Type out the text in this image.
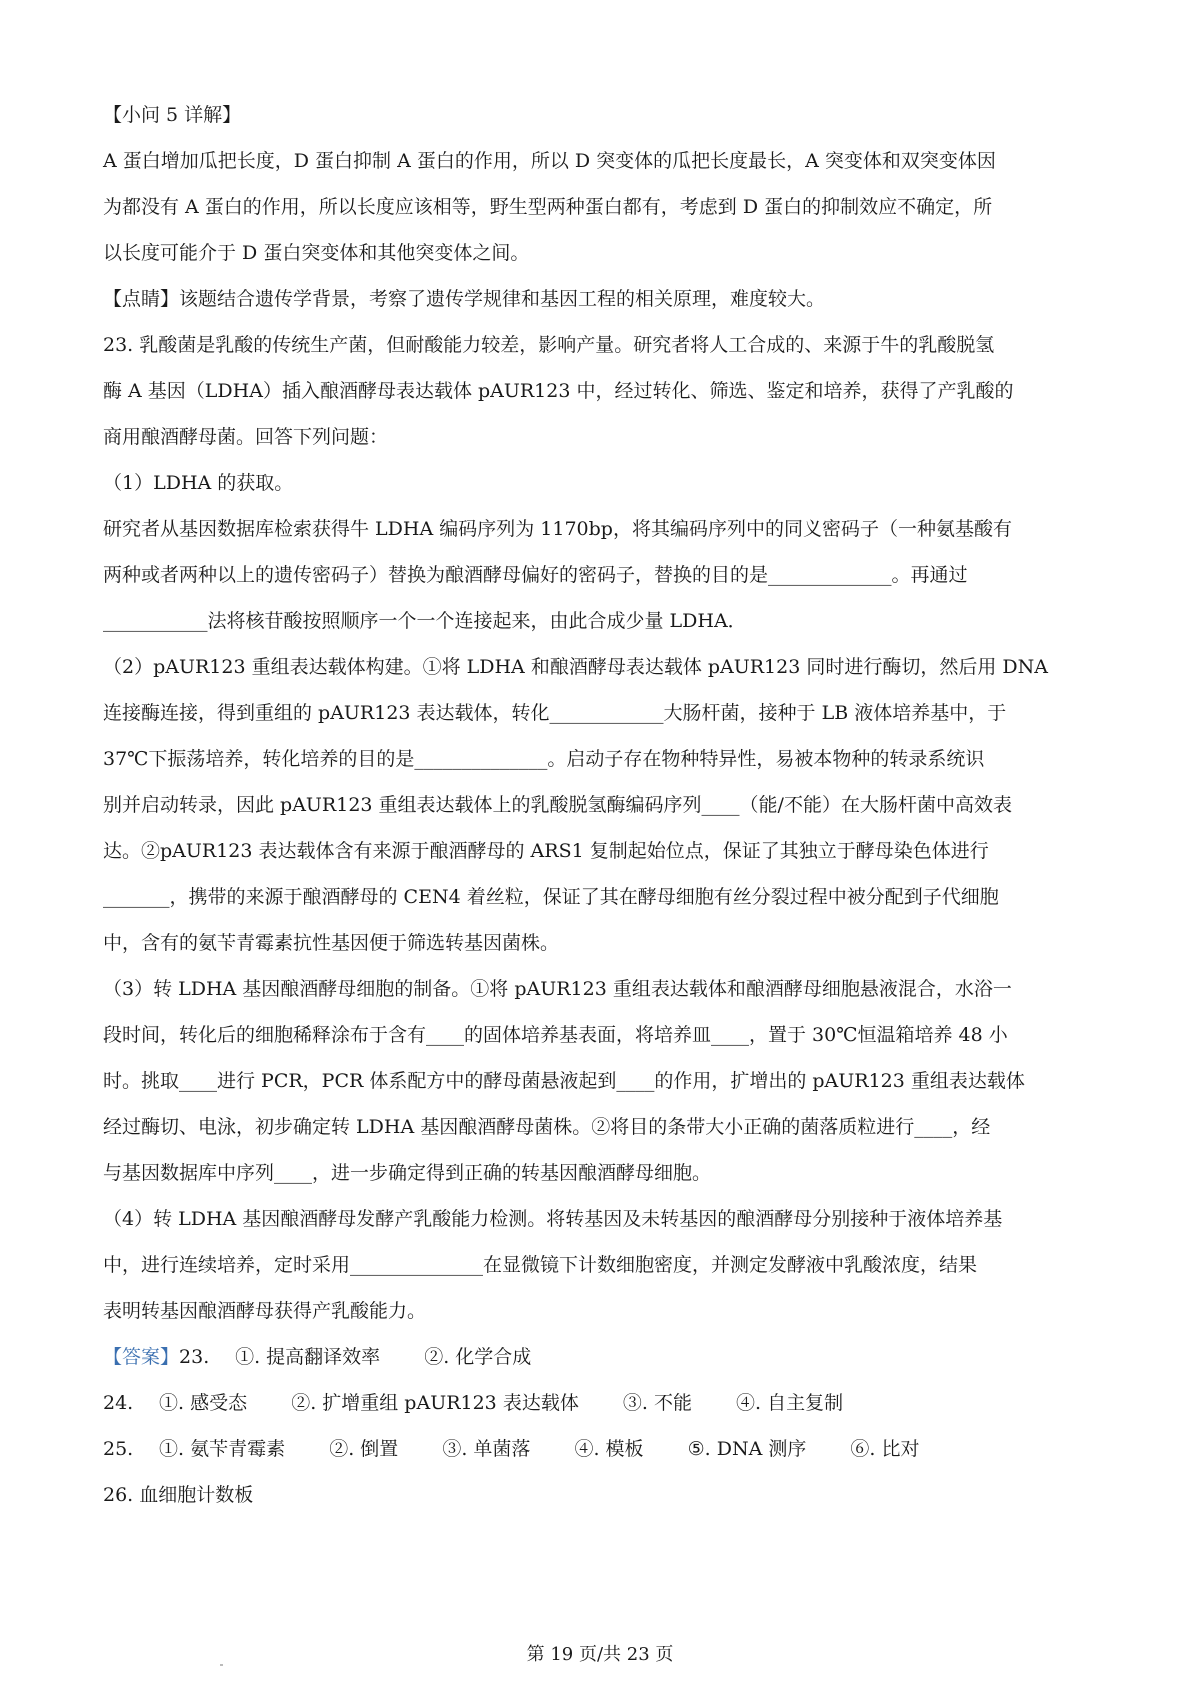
【小问 5 详解】

A 蛋白增加瓜把长度，D 蛋白抑制 A 蛋白的作用，所以 D 突变体的瓜把长度最长，A 突变体和双突变体因

为都没有 A 蛋白的作用，所以长度应该相等，野生型两种蛋白都有，考虑到 D 蛋白的抑制效应不确定，所

以长度可能介于 D 蛋白突变体和其他突变体之间。

【点睛】该题结合遗传学背景，考察了遗传学规律和基因工程的相关原理，难度较大。

23. 乳酸菌是乳酸的传统生产菌，但耐酸能力较差，影响产量。研究者将人工合成的、来源于牛的乳酸脱氢

酶 A 基因（LDHA）插入酿酒酵母表达载体 pAUR123 中，经过转化、筛选、鉴定和培养，获得了产乳酸的

商用酿酒酵母菌。回答下列问题：

（1）LDHA 的获取。

研究者从基因数据库检索获得牛 LDHA 编码序列为 1170bp，将其编码序列中的同义密码子（一种氨基酸有

两种或者两种以上的遗传密码子）替换为酿酒酵母偏好的密码子，替换的目的是_____________。再通过

___________法将核苷酸按照顺序一个一个连接起来，由此合成少量 LDHA．

（2）pAUR123 重组表达载体构建。①将 LDHA 和酿酒酵母表达载体 pAUR123 同时进行酶切，然后用 DNA

连接酶连接，得到重组的 pAUR123 表达载体，转化____________大肠杆菌，接种于 LB 液体培养基中，于

37℃下振荡培养，转化培养的目的是______________。启动子存在物种特异性，易被本物种的转录系统识

别并启动转录，因此 pAUR123 重组表达载体上的乳酸脱氢酶编码序列____（能/不能）在大肠杆菌中高效表

达。②pAUR123 表达载体含有来源于酿酒酵母的 ARS1 复制起始位点，保证了其独立于酵母染色体进行

_______，携带的来源于酿酒酵母的 CEN4 着丝粒，保证了其在酵母细胞有丝分裂过程中被分配到子代细胞

中，含有的氨苄青霉素抗性基因便于筛选转基因菌株。

（3）转 LDHA 基因酿酒酵母细胞的制备。①将 pAUR123 重组表达载体和酿酒酵母细胞悬液混合，水浴一

段时间，转化后的细胞稀释涂布于含有____的固体培养基表面，将培养皿____，置于 30℃恒温箱培养 48 小

时。挑取____进行 PCR，PCR 体系配方中的酵母菌悬液起到____的作用，扩增出的 pAUR123 重组表达载体

经过酶切、电泳，初步确定转 LDHA 基因酿酒酵母菌株。②将目的条带大小正确的菌落质粒进行____，经

与基因数据库中序列____，进一步确定得到正确的转基因酿酒酵母细胞。

（4）转 LDHA 基因酿酒酵母发酵产乳酸能力检测。将转基因及未转基因的酿酒酵母分别接种于液体培养基

中，进行连续培养，定时采用______________在显微镜下计数细胞密度，并测定发酵液中乳酸浓度，结果

表明转基因酿酒酵母获得产乳酸能力。

【答案】23. ①. 提高翻译效率 ②. 化学合成

24. ①. 感受态 ②. 扩增重组 pAUR123 表达载体 ③. 不能 ④. 自主复制

25. ①. 氨苄青霉素 ②. 倒置 ③. 单菌落 ④. 模板 ⑤. DNA 测序 ⑥. 比对

26. 血细胞计数板

第 19 页/共 23 页
